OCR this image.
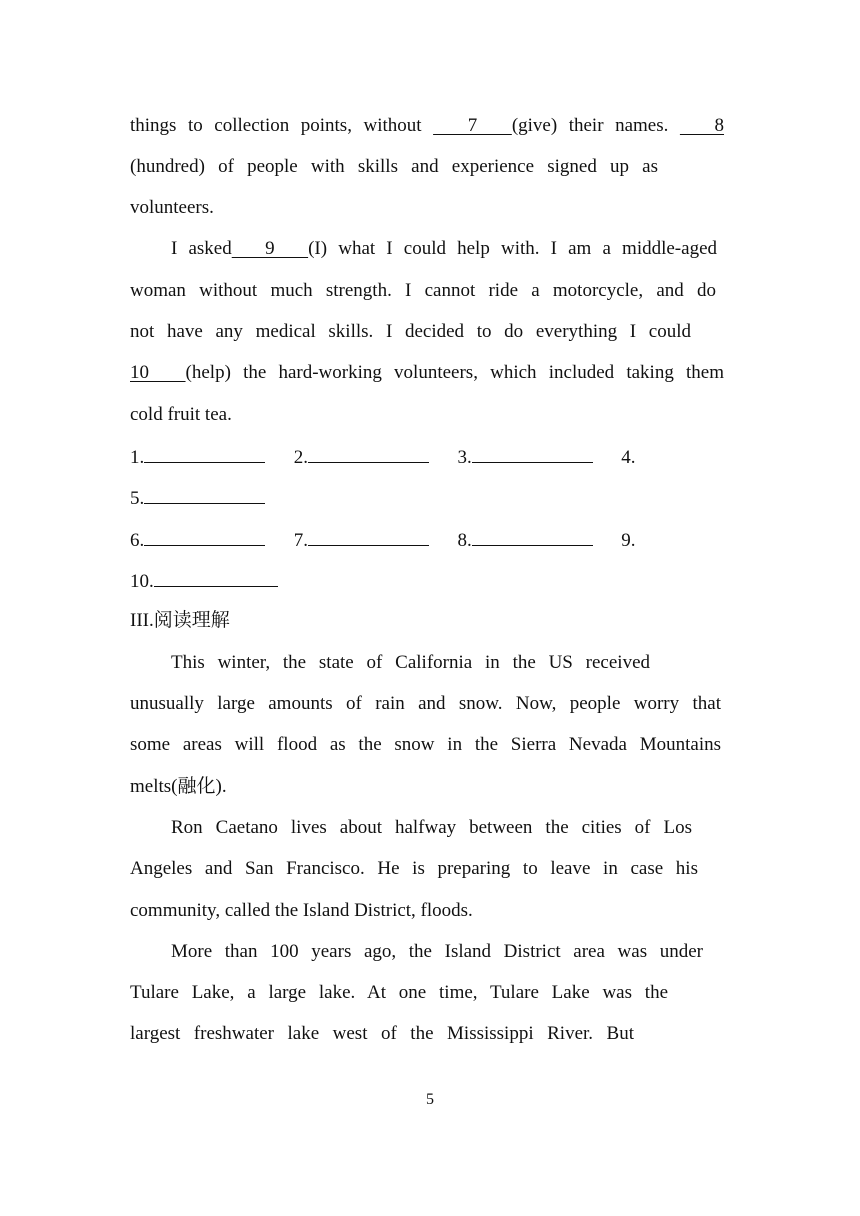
things to collection points, without    7   (give) their names.    8
(hundred) of people with skills and experience signed up as
volunteers.
I asked   9   (I) what I could help with. I am a middle-aged
woman without much strength. I cannot ride a motorcycle, and do
not have any medical skills. I decided to do everything I could
10   (help) the hard-working volunteers, which included taking them
cold fruit tea.
1.	2.	3.	4.
5.
6.	7.	8.	9.
10.
III.阅读理解
This winter, the state of California in the US received
unusually large amounts of rain and snow. Now, people worry that
some areas will flood as the snow in the Sierra Nevada Mountains
melts(融化).
Ron Caetano lives about halfway between the cities of Los
Angeles and San Francisco. He is preparing to leave in case his
community, called the Island District, floods.
More than 100 years ago, the Island District area was under
Tulare Lake, a large lake. At one time, Tulare Lake was the
largest freshwater lake west of the Mississippi River. But
5
